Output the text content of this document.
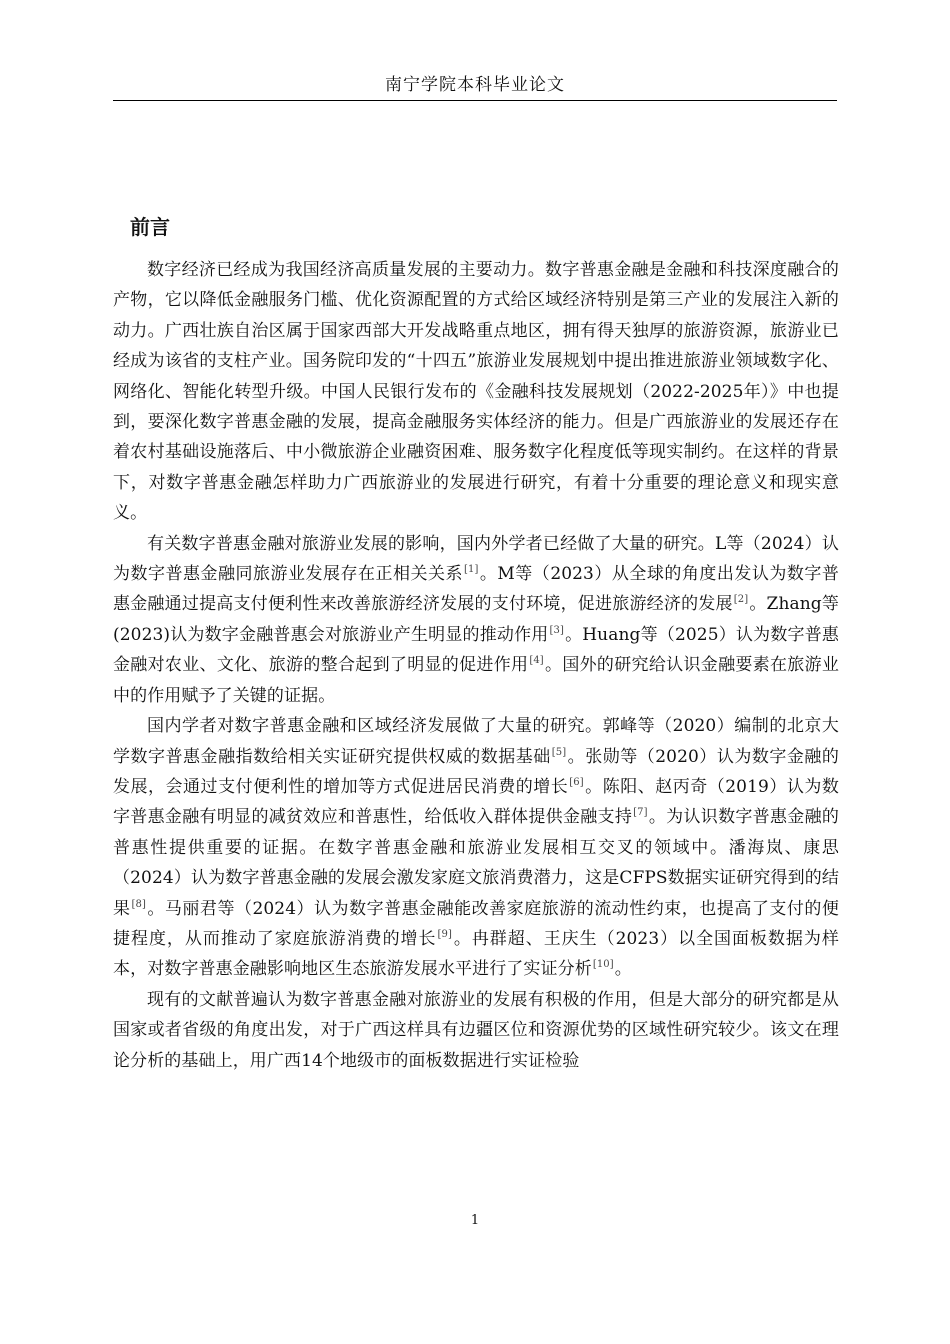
南宁学院本科毕业论文
前言

数字经济已经成为我国经济高质量发展的主要动力。数字普惠金融是金融和科技深度融合的产物，它以降低金融服务门槛、优化资源配置的方式给区域经济特别是第三产业的发展注入新的动力。广西壮族自治区属于国家西部大开发战略重点地区，拥有得天独厚的旅游资源，旅游业已经成为该省的支柱产业。国务院印发的“十四五”旅游业发展规划中提出推进旅游业领域数字化、网络化、智能化转型升级。中国人民银行发布的《金融科技发展规划（2022-2025年）》中也提到，要深化数字普惠金融的发展，提高金融服务实体经济的能力。但是广西旅游业的发展还存在着农村基础设施落后、中小微旅游企业融资困难、服务数字化程度低等现实制约。在这样的背景下，对数字普惠金融怎样助力广西旅游业的发展进行研究，有着十分重要的理论意义和现实意义。

有关数字普惠金融对旅游业发展的影响，国内外学者已经做了大量的研究。L等（2024）认为数字普惠金融同旅游业发展存在正相关关系[1]。M等（2023）从全球的角度出发认为数字普惠金融通过提高支付便利性来改善旅游经济发展的支付环境，促进旅游经济的发展[2]。Zhang等(2023)认为数字金融普惠会对旅游业产生明显的推动作用[3]。Huang等（2025）认为数字普惠金融对农业、文化、旅游的整合起到了明显的促进作用[4]。国外的研究给认识金融要素在旅游业中的作用赋予了关键的证据。

国内学者对数字普惠金融和区域经济发展做了大量的研究。郭峰等（2020）编制的北京大学数字普惠金融指数给相关实证研究提供权威的数据基础[5]。张勋等（2020）认为数字金融的发展，会通过支付便利性的增加等方式促进居民消费的增长[6]。陈阳、赵丙奇（2019）认为数字普惠金融有明显的减贫效应和普惠性，给低收入群体提供金融支持[7]。为认识数字普惠金融的普惠性提供重要的证据。在数字普惠金融和旅游业发展相互交叉的领域中。潘海岚、康思（2024）认为数字普惠金融的发展会激发家庭文旅消费潜力，这是CFPS数据实证研究得到的结果[8]。马丽君等（2024）认为数字普惠金融能改善家庭旅游的流动性约束，也提高了支付的便捷程度，从而推动了家庭旅游消费的增长[9]。冉群超、王庆生（2023）以全国面板数据为样本，对数字普惠金融影响地区生态旅游发展水平进行了实证分析[10]。

现有的文献普遍认为数字普惠金融对旅游业的发展有积极的作用，但是大部分的研究都是从国家或者省级的角度出发，对于广西这样具有边疆区位和资源优势的区域性研究较少。该文在理论分析的基础上，用广西14个地级市的面板数据进行实证检验

1
